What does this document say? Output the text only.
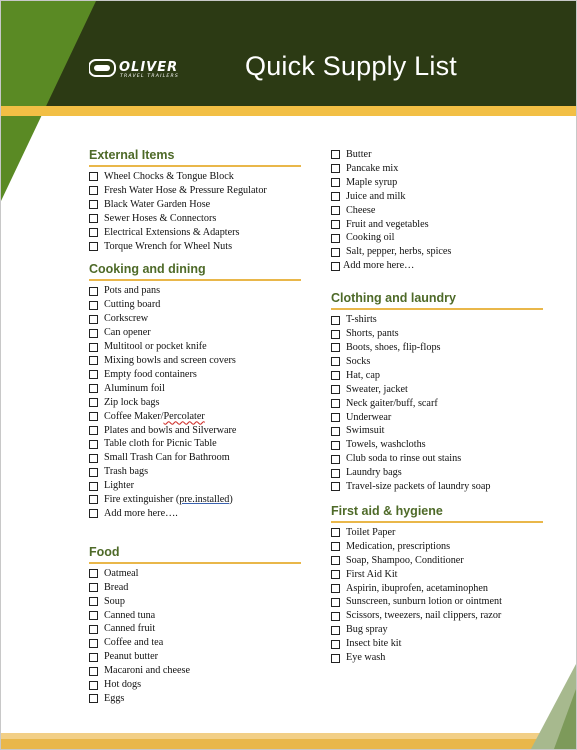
OLIVER
TRAVEL TRAILERS Quick Supply List
External Items
Wheel Chocks & Tongue Block
Fresh Water Hose & Pressure Regulator
Black Water Garden Hose
Sewer Hoses & Connectors
Electrical Extensions & Adapters
Torque Wrench for Wheel Nuts
Cooking and dining
Pots and pans
Cutting board
Corkscrew
Can opener
Multitool or pocket knife
Mixing bowls and screen covers
Empty food containers
Aluminum foil
Zip lock bags
Coffee Maker/ Percolater
Plates and bowls and Silverware
Table cloth for Picnic Table
Small Trash Can for Bathroom
Trash bags
Lighter
Fire extinguisher ( pre.installed )
Add more here….
Food
Oatmeal
Bread
Soup
Canned tuna
Canned fruit
Coffee and tea
Peanut butter
Macaroni and cheese
Hot dogs
Eggs
Butter
Pancake mix
Maple syrup
Juice and milk
Cheese
Fruit and vegetables
Cooking oil
Salt, pepper, herbs, spices
Add more here…
Clothing and laundry
T-shirts
Shorts, pants
Boots, shoes, flip-flops
Socks
Hat, cap
Sweater, jacket
Neck gaiter/buff, scarf
Underwear
Swimsuit
Towels, washcloths
Club soda to rinse out stains
Laundry bags
Travel-size packets of laundry soap
First aid & hygiene
Toilet Paper
Medication, prescriptions
Soap, Shampoo, Conditioner
First Aid Kit
Aspirin, ibuprofen, acetaminophen
Sunscreen, sunburn lotion or ointment
Scissors, tweezers, nail clippers, razor
Bug spray
Insect bite kit
Eye wash
